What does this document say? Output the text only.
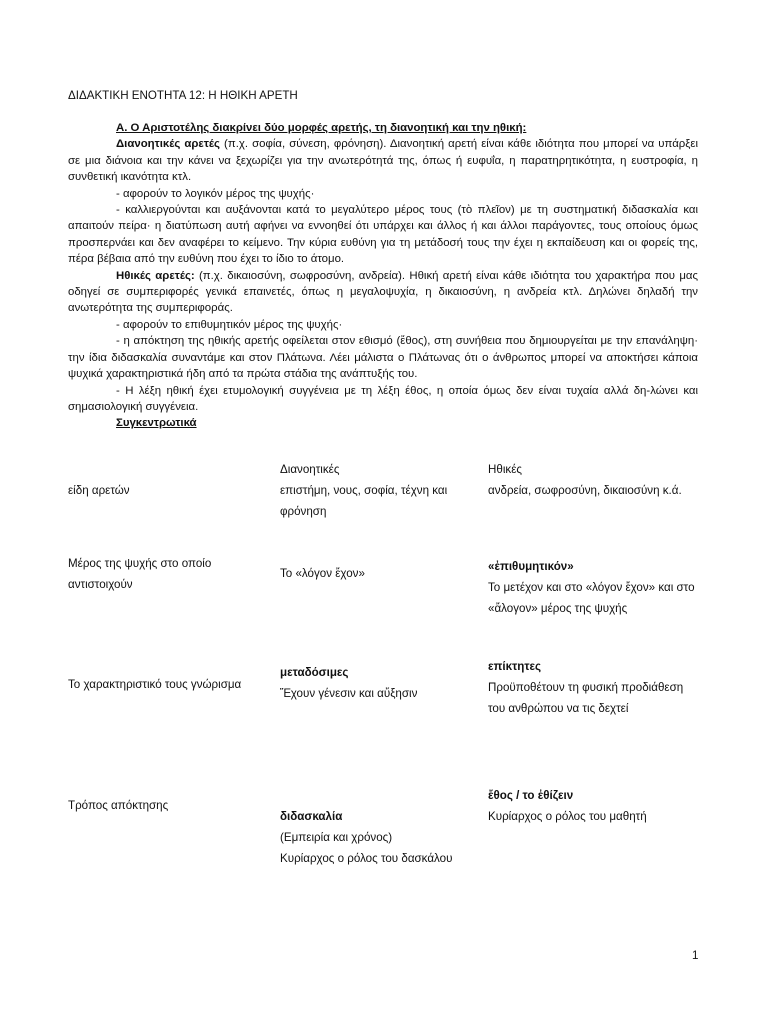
ΔΙΔΑΚΤΙΚΗ ΕΝΟΤΗΤΑ 12: Η ΗΘΙΚΗ ΑΡΕΤΗ
Α. Ο Αριστοτέλης διακρίνει δύο μορφές αρετής, τη διανοητική και την ηθική:

Διανοητικές αρετές (π.χ. σοφία, σύνεση, φρόνηση). Διανοητική αρετή είναι κάθε ιδιότητα που μπορεί να υπάρξει σε μια διάνοια και την κάνει να ξεχωρίζει για την ανωτερότητά της, όπως ή ευφυΐα, η παρατηρητικότητα, η ευστροφία, η συνθετική ικανότητα κτλ.

- αφορούν το λογικόν μέρος της ψυχής·

- καλλιεργούνται και αυξάνονται κατά το μεγαλύτερο μέρος τους (τὸ πλεῖον) με τη συστηματική διδασκαλία και απαιτούν πείρα· η διατύπωση αυτή αφήνει να εννοηθεί ότι υπάρχει και άλλος ή και άλλοι παράγοντες, τους οποίους όμως προσπερνάει και δεν αναφέρει το κείμενο. Την κύρια ευθύνη για τη μετάδοσή τους την έχει η εκπαίδευση και οι φορείς της, πέρα βέβαια από την ευθύνη που έχει το ίδιο το άτομο.

Ηθικές αρετές: (π.χ. δικαιοσύνη, σωφροσύνη, ανδρεία). Ηθική αρετή είναι κάθε ιδιότητα του χαρακτήρα που μας οδηγεί σε συμπεριφορές γενικά επαινετές, όπως η μεγαλοψυχία, η δικαιοσύνη, η ανδρεία κτλ. Δηλώνει δηλαδή την ανωτερότητα της συμπεριφοράς.

- αφορούν το επιθυμητικόν μέρος της ψυχής·

- η απόκτηση της ηθικής αρετής οφείλεται στον εθισμό (ἔθος), στη συνήθεια που δημιουργείται με την επανάληψη· την ίδια διδασκαλία συναντάμε και στον Πλάτωνα. Λέει μάλιστα ο Πλάτωνας ότι ο άνθρωπος μπορεί να αποκτήσει κάποια ψυχικά χαρακτηριστικά ήδη από τα πρώτα στάδια της ανάπτυξής του.

- Η λέξη ηθική έχει ετυμολογική συγγένεια με τη λέξη έθος, η οποία όμως δεν είναι τυχαία αλλά δη-λώνει και σημασιολογική συγγένεια.

Συγκεντρωτικά
Διανοητικές	Ηθικές
είδη αρετών	επιστήμη, νους, σοφία, τέχνη και φρόνηση
ανδρεία, σωφροσύνη, δικαιοσύνη κ.ά.
Μέρος της ψυχής στο οποίο αντιστοιχούν
Το «λόγον ἔχον»
«ἐπιθυμητικόν»
Το μετέχον και στο «λόγον ἔχον» και στο «ἄλογον» μέρος της ψυχής
Το χαρακτηριστικό τους γνώρισμα
μεταδόσιμες
Ἔχουν γένεσιν και αὔξησιν
επίκτητες
Προϋποθέτουν τη φυσική προδιάθεση του ανθρώπου να τις δεχτεί
Τρόπος απόκτησης
διδασκαλία
(Εμπειρία και χρόνος)
Κυρίαρχος ο ρόλος του δασκάλου
ἔθος / το ἐθίζειν
Κυρίαρχος ο ρόλος του μαθητή
1
